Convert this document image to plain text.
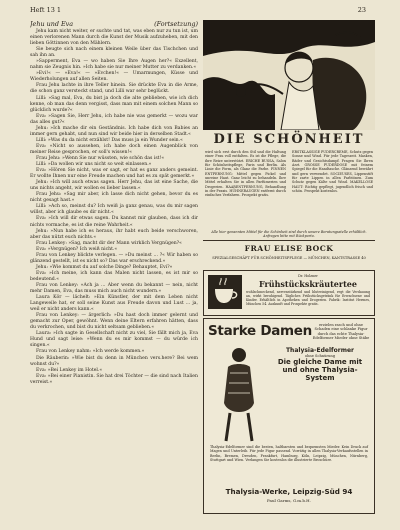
Heft 13 1	23
Jehu und Eva	(Fortsetzung)

Jehu kam nicht weiter, er suchte und tat, was eben nur zu tun ist, um einen verlorenen Mann durch die Kunst der Musik aufzuheben, mit den lieben Göttinnen von den Mählern.

Sie beugte sich nach einem kleinen Weile über das Tischchen und sah ihn an.

»Sapperment, Eva — wo haben Sie Ihre Augen her?« Exzellent, nahm sie Zeugnis hin. »Ich habe sie nur meiner Mutter zu verdanken.«

»Evi!« — »Eva!« — »Evchen!« — Umarmungen, Küsse und Wiederholungen auf allen Seiten.

Frau Jehu lachte in ihre Teller hinein. Sie drückte Eva in die Arme, die schon ganz versteckt stand, und Lilli war sehr beglückt.

Lilli: »Sag mal, Eva, du bist ja doch die alte geblieben, wie ich dich kenne, ob man das denn vergisst, dass man mit einem solchen Mann so glücklich wurde?«

Eva: »Sagen Sie, Herr Jehu, ich habe nie was gemerkt — wozu war das alles gut?«

Jehu: »Ich mache dir ein Geständnis. Ich habe dich von Babies an immer gern gehabt, und nun sind wir beide hier in derselben Stadt.«

Lilli: »Was du da nicht erzählst! Das muss ja ein Wunder sein.«

Eva: »Nicht so aussehen, ich habe doch einen Augenblick von meiner Reise gesprochen, er soll's wissen!«

Frau Jehu: »Wenn Sie nur wüssten, wie schön das ist!«

Lilli: »Da wollen wir uns nicht so weit einlassen.«

Eva: »Hören Sie nicht, was er sagt, er hat es ganz anders gemeint. Er wollte Ihnen nur eine Freude machen und hat es zu spät gemerkt.«

Jehu: »Ich will auch etwas sagen. Herr Jehu, das ist eine Sache, die uns nichts angeht, wir wollen es lieber lassen.«

Frau Jehu: »Sag mir aber, ich lasse dich nicht gehen, bevor du es nicht gesagt hast.«

Lilli: »Ach so, meinst du? Ich weiß ja ganz genau, was du mir sagen willst, aber ich glaube es dir nicht.«

Eva: »Ich will dir etwas sagen. Du kannst mir glauben, dass ich dir nichts vormache, es ist die reine Wahrheit.«

Jehu: »Nun habe ich es heraus, ihr habt euch beide verschworen, aber das nützt euch nichts.«

Frau Lenkey: »Sag, macht dir der Mann wirklich Vergnügen?«

Eva: »Vergnügen? Ich weiß nicht.«

Frau von Lenkey blickte verlegen. — »Du meinst ... ?« Wir haben so glänzend gestellt, ist es nicht so? Das war erschreckend.«

Jehu: »Wie kommst du auf solche Dinge? Behauptet, Evi?«

Eva: »Ich meine, ich kann das Malen nicht lassen, es ist mir so bedeutend.«

Frau von Lenkey: »Ach ja ... Aber wenn du bekannt — nein, nicht mehr Damen, Eva, das muss mich auch nicht wundern.«

Laura Kör — lächelt: »Ein Künstler, der mit dem Leben nicht Langeweile hat, er soll seine Kunst aus Freude davon und Lust ... ja, weil er nicht anders kann.«

Frau von Lenkey: — ärgerlich: »Du hast doch immer gelernt und gemacht zur Oper, gewöhnt. Wenn deine Eltern erfahren hätten, dass du verkrochen, und bist du nicht seltsam geblieben.«

Laura: »Ich sagte in Gesellschaft nicht zu viel, Sie fällt mich ja, Eva Hund und sagt leise: »Wenn du es mir kommst — du würde ich singen.«

Frau von Lenkey nahm: »Ich werde kommen.«

Die Räuberin: »Wie bist du denn in München vers.here? Bei wem wohnst du?«

Eva: »Bei Lenkey im Hotel.«

Eva: »Bei einer Pianistin. Sie hat drei Töchter — die sind nach Italien verreist.«

DIE SCHÖNHEIT
wird sich erst durch den Stil und die Haltung einer Frau voll entfalten. Es ist die Pflege, die ihre Reize unterstützt. ERICHE BUSSA, Salon für Schönheitspflege, Paris und Berlin. Als Linie die Form, als Glanz die Farbe. FINNEN ENTFERNUNG: Mittel gegen Pickel und unreine Haut. Ganz leicht zu behandeln. Ihre Mittel erhalten Sie in allen Parfümerien und Drogerien. HAARENTFERNUNG, Behandlung in der Praxis. HÜHNERAUGEN entfernt durch einfaches Verfahren. Prospekt gratis.
ERSTKLASSIGE PUDERCREME, Schutz gegen Sonne und Wind. Für jede Tageszeit. Masken, Bäder und Gesichtsdampf. Fragen Sie Ihren Arzt. GROSSE PUDERDOSE mit feinem Spiegel für die Handtasche. Glänzend bewährt und gern verwendet. SOCIEUSES, Lippenstift für zarte Lippen in allen Farbtönen. Zum Schutz gegen Kälte und Wind. MAKELLOSE HAUT: Richtig gepflegt, jugendlich frisch und schön. Prospekt kostenlos.
Alle hier genannten Mittel für die Schönheit sind durch unsere Beratungsstelle erhältlich. Anfragen bitte mit Rückporto.
FRAU ELISE BOCK
SPEZIALGESCHÄFT FÜR SCHÖNHEITSPFLEGE — MÜNCHEN, KANTSTRASSE 40
Dr. Holzner
Frühstückskräutertee
wohlschmeckend, nervenstärkend und blutreinigend, regt die Verdauung an, wirkt beruhigend. Tägliches Frühstücksgetränk für Erwachsene und Kinder. Erhältlich in Apotheken und Drogerien. Fabrik: Institut Hermes, München 54. Auskunft und Prospekte gratis.
Starke Damen	erzielen rasch und ohne Schaden eine schlanke Figur durch das echte Thalysia-Edelformer Mieder ohne Stäbe
Thalysia-Edelformer
ohne Schnürung
Die gleiche Dame mit und ohne Thalysia-System
Thalysia-Edelformer sind die besten, haltbarsten und bequemsten Mieder. Kein Druck auf Magen und Unterleib. Für jede Figur passend. Vorrätig in allen Thalysia-Verkaufsstellen in Berlin, Bremen, Dresden, Frankfurt, Hamburg, Köln, Leipzig, München, Nürnberg, Stuttgart und Wien. Verlangen Sie kostenlos die illustrierte Broschüre.
Thalysia-Werke, Leipzig-Süd 94
Paul Garms, G.m.b.H.
